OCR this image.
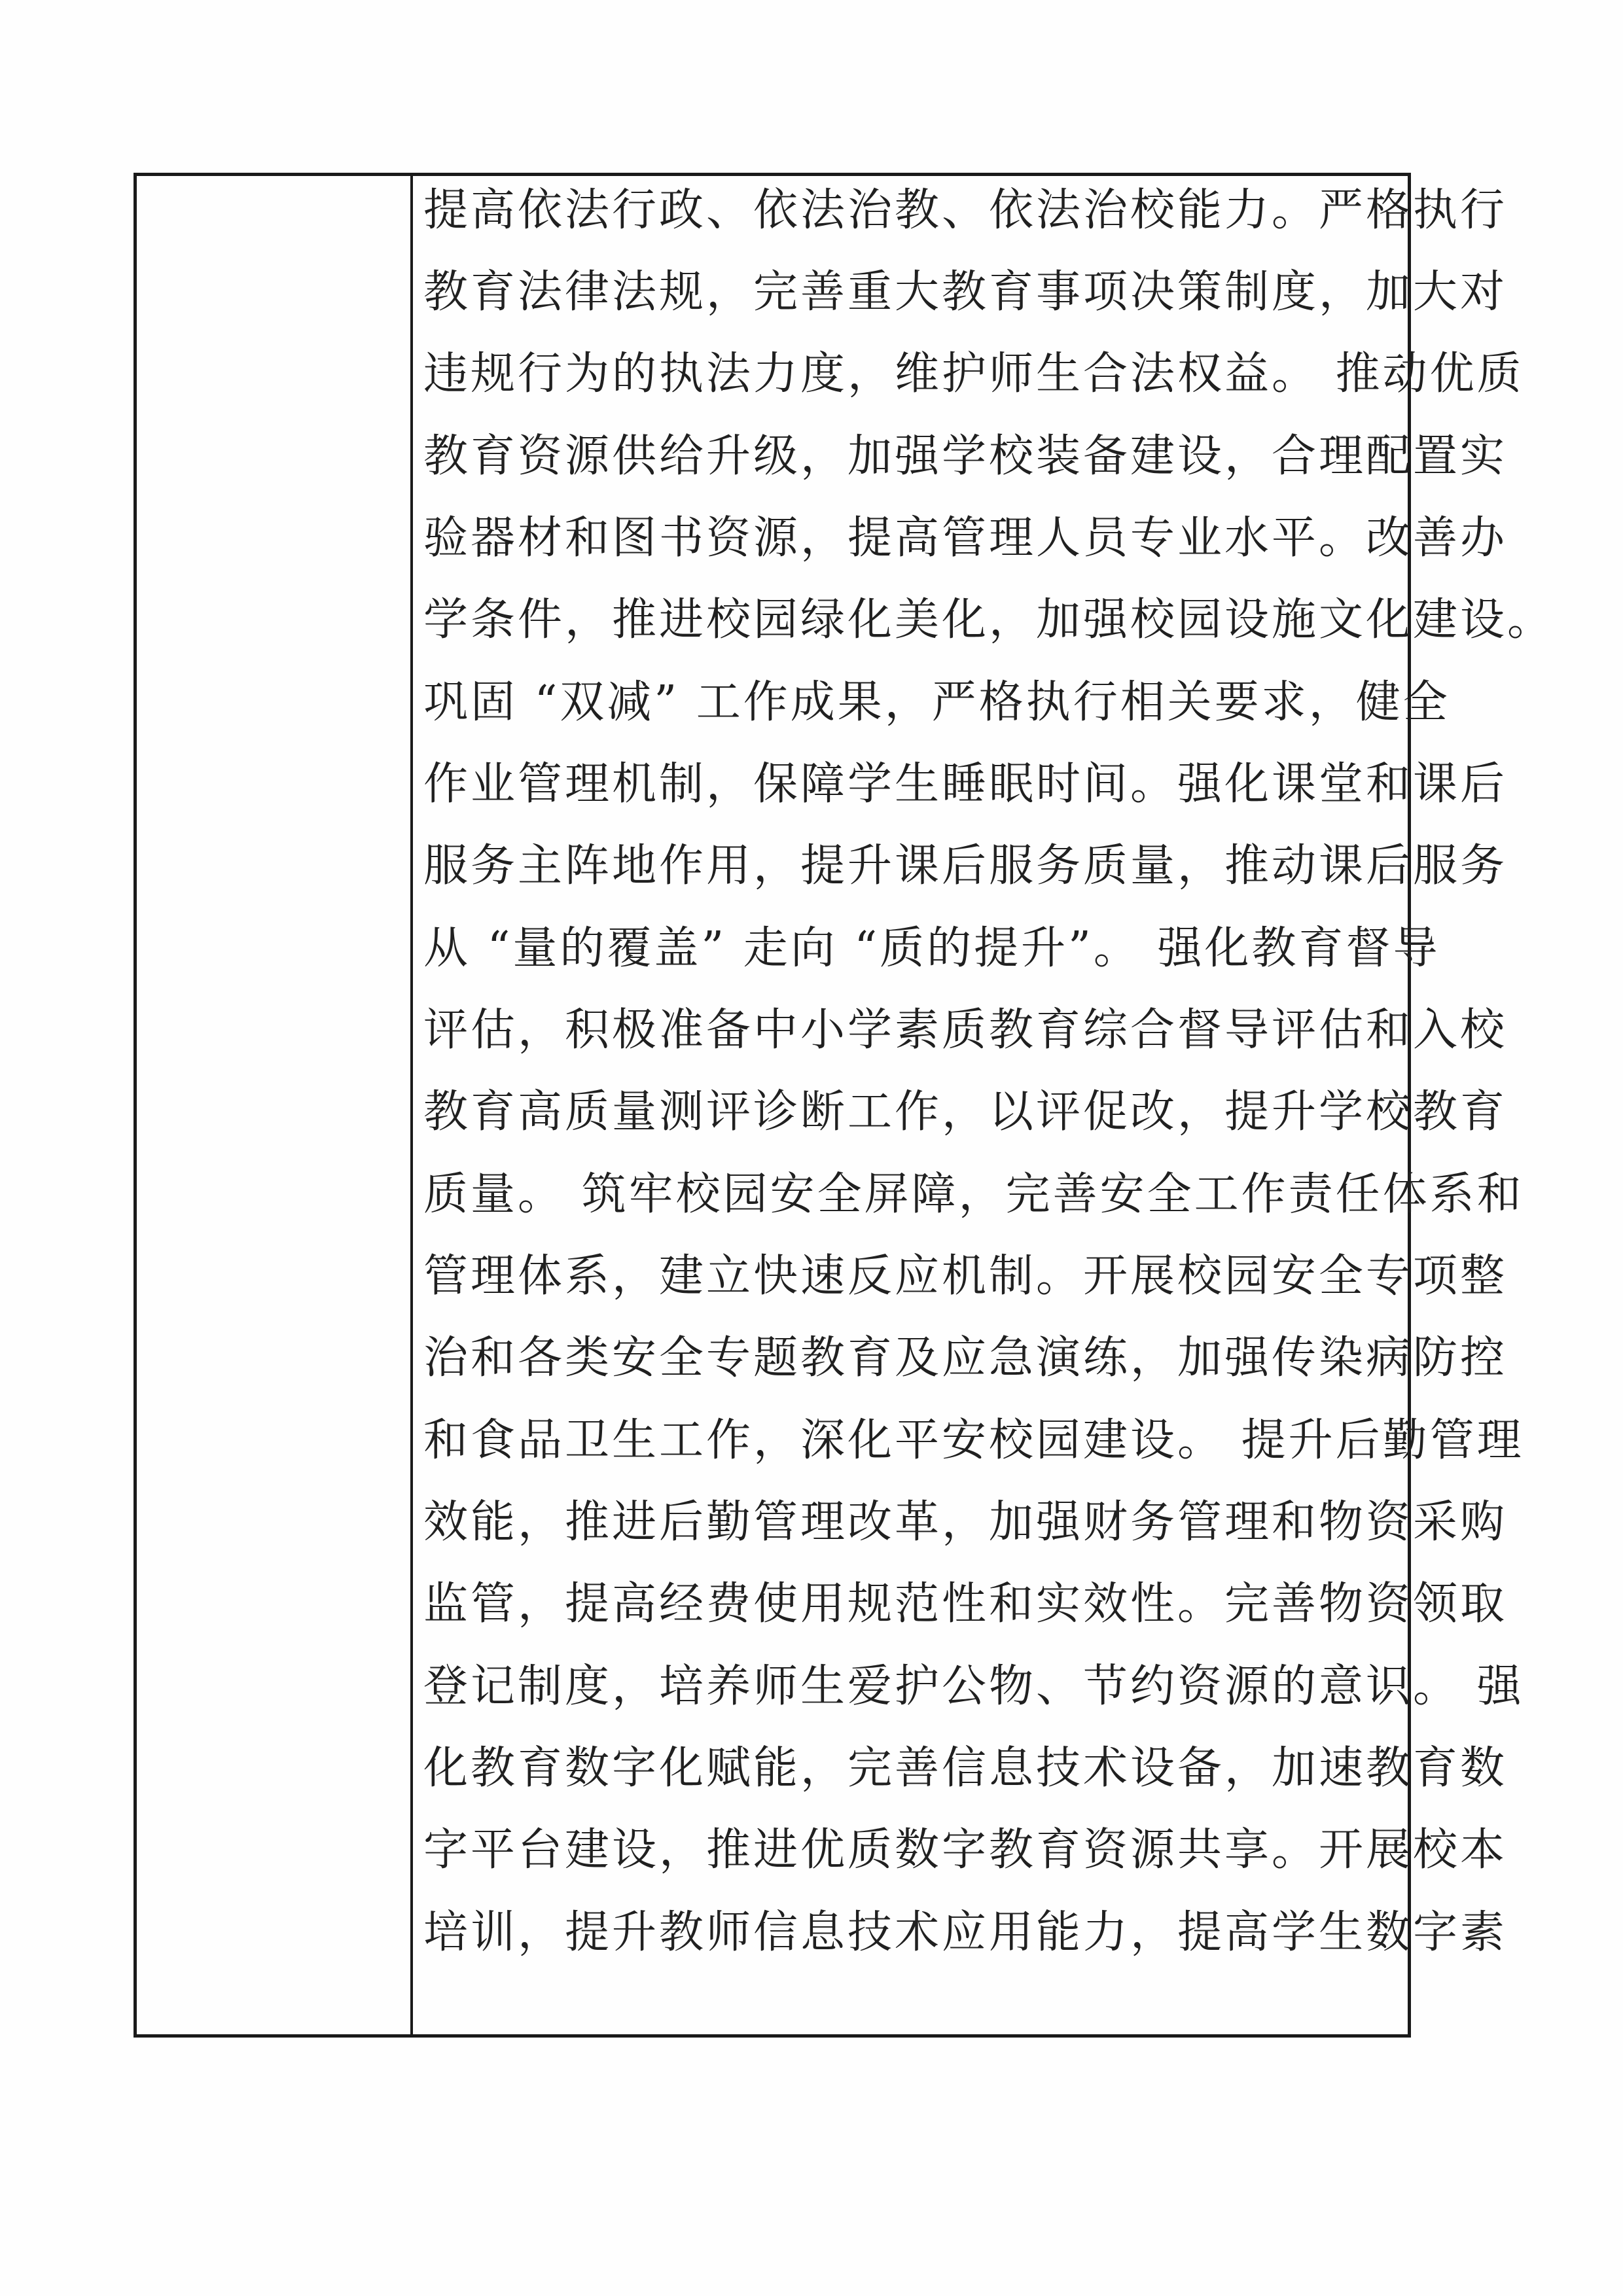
提高依法行政、依法治教、依法治校能力。严格执行
教育法律法规，完善重大教育事项决策制度，加大对
违规行为的执法力度，维护师生合法权益。 推动优质
教育资源供给升级，加强学校装备建设，合理配置实
验器材和图书资源，提高管理人员专业水平。改善办
学条件，推进校园绿化美化，加强校园设施文化建设。
巩固 “双减” 工作成果，严格执行相关要求，健全
作业管理机制，保障学生睡眠时间。强化课堂和课后
服务主阵地作用，提升课后服务质量，推动课后服务
从 “量的覆盖” 走向 “质的提升”。 强化教育督导
评估，积极准备中小学素质教育综合督导评估和入校
教育高质量测评诊断工作，以评促改，提升学校教育
质量。 筑牢校园安全屏障，完善安全工作责任体系和
管理体系，建立快速反应机制。开展校园安全专项整
治和各类安全专题教育及应急演练，加强传染病防控
和食品卫生工作，深化平安校园建设。 提升后勤管理
效能，推进后勤管理改革，加强财务管理和物资采购
监管，提高经费使用规范性和实效性。完善物资领取
登记制度，培养师生爱护公物、节约资源的意识。 强
化教育数字化赋能，完善信息技术设备，加速教育数
字平台建设，推进优质数字教育资源共享。开展校本
培训，提升教师信息技术应用能力，提高学生数字素
